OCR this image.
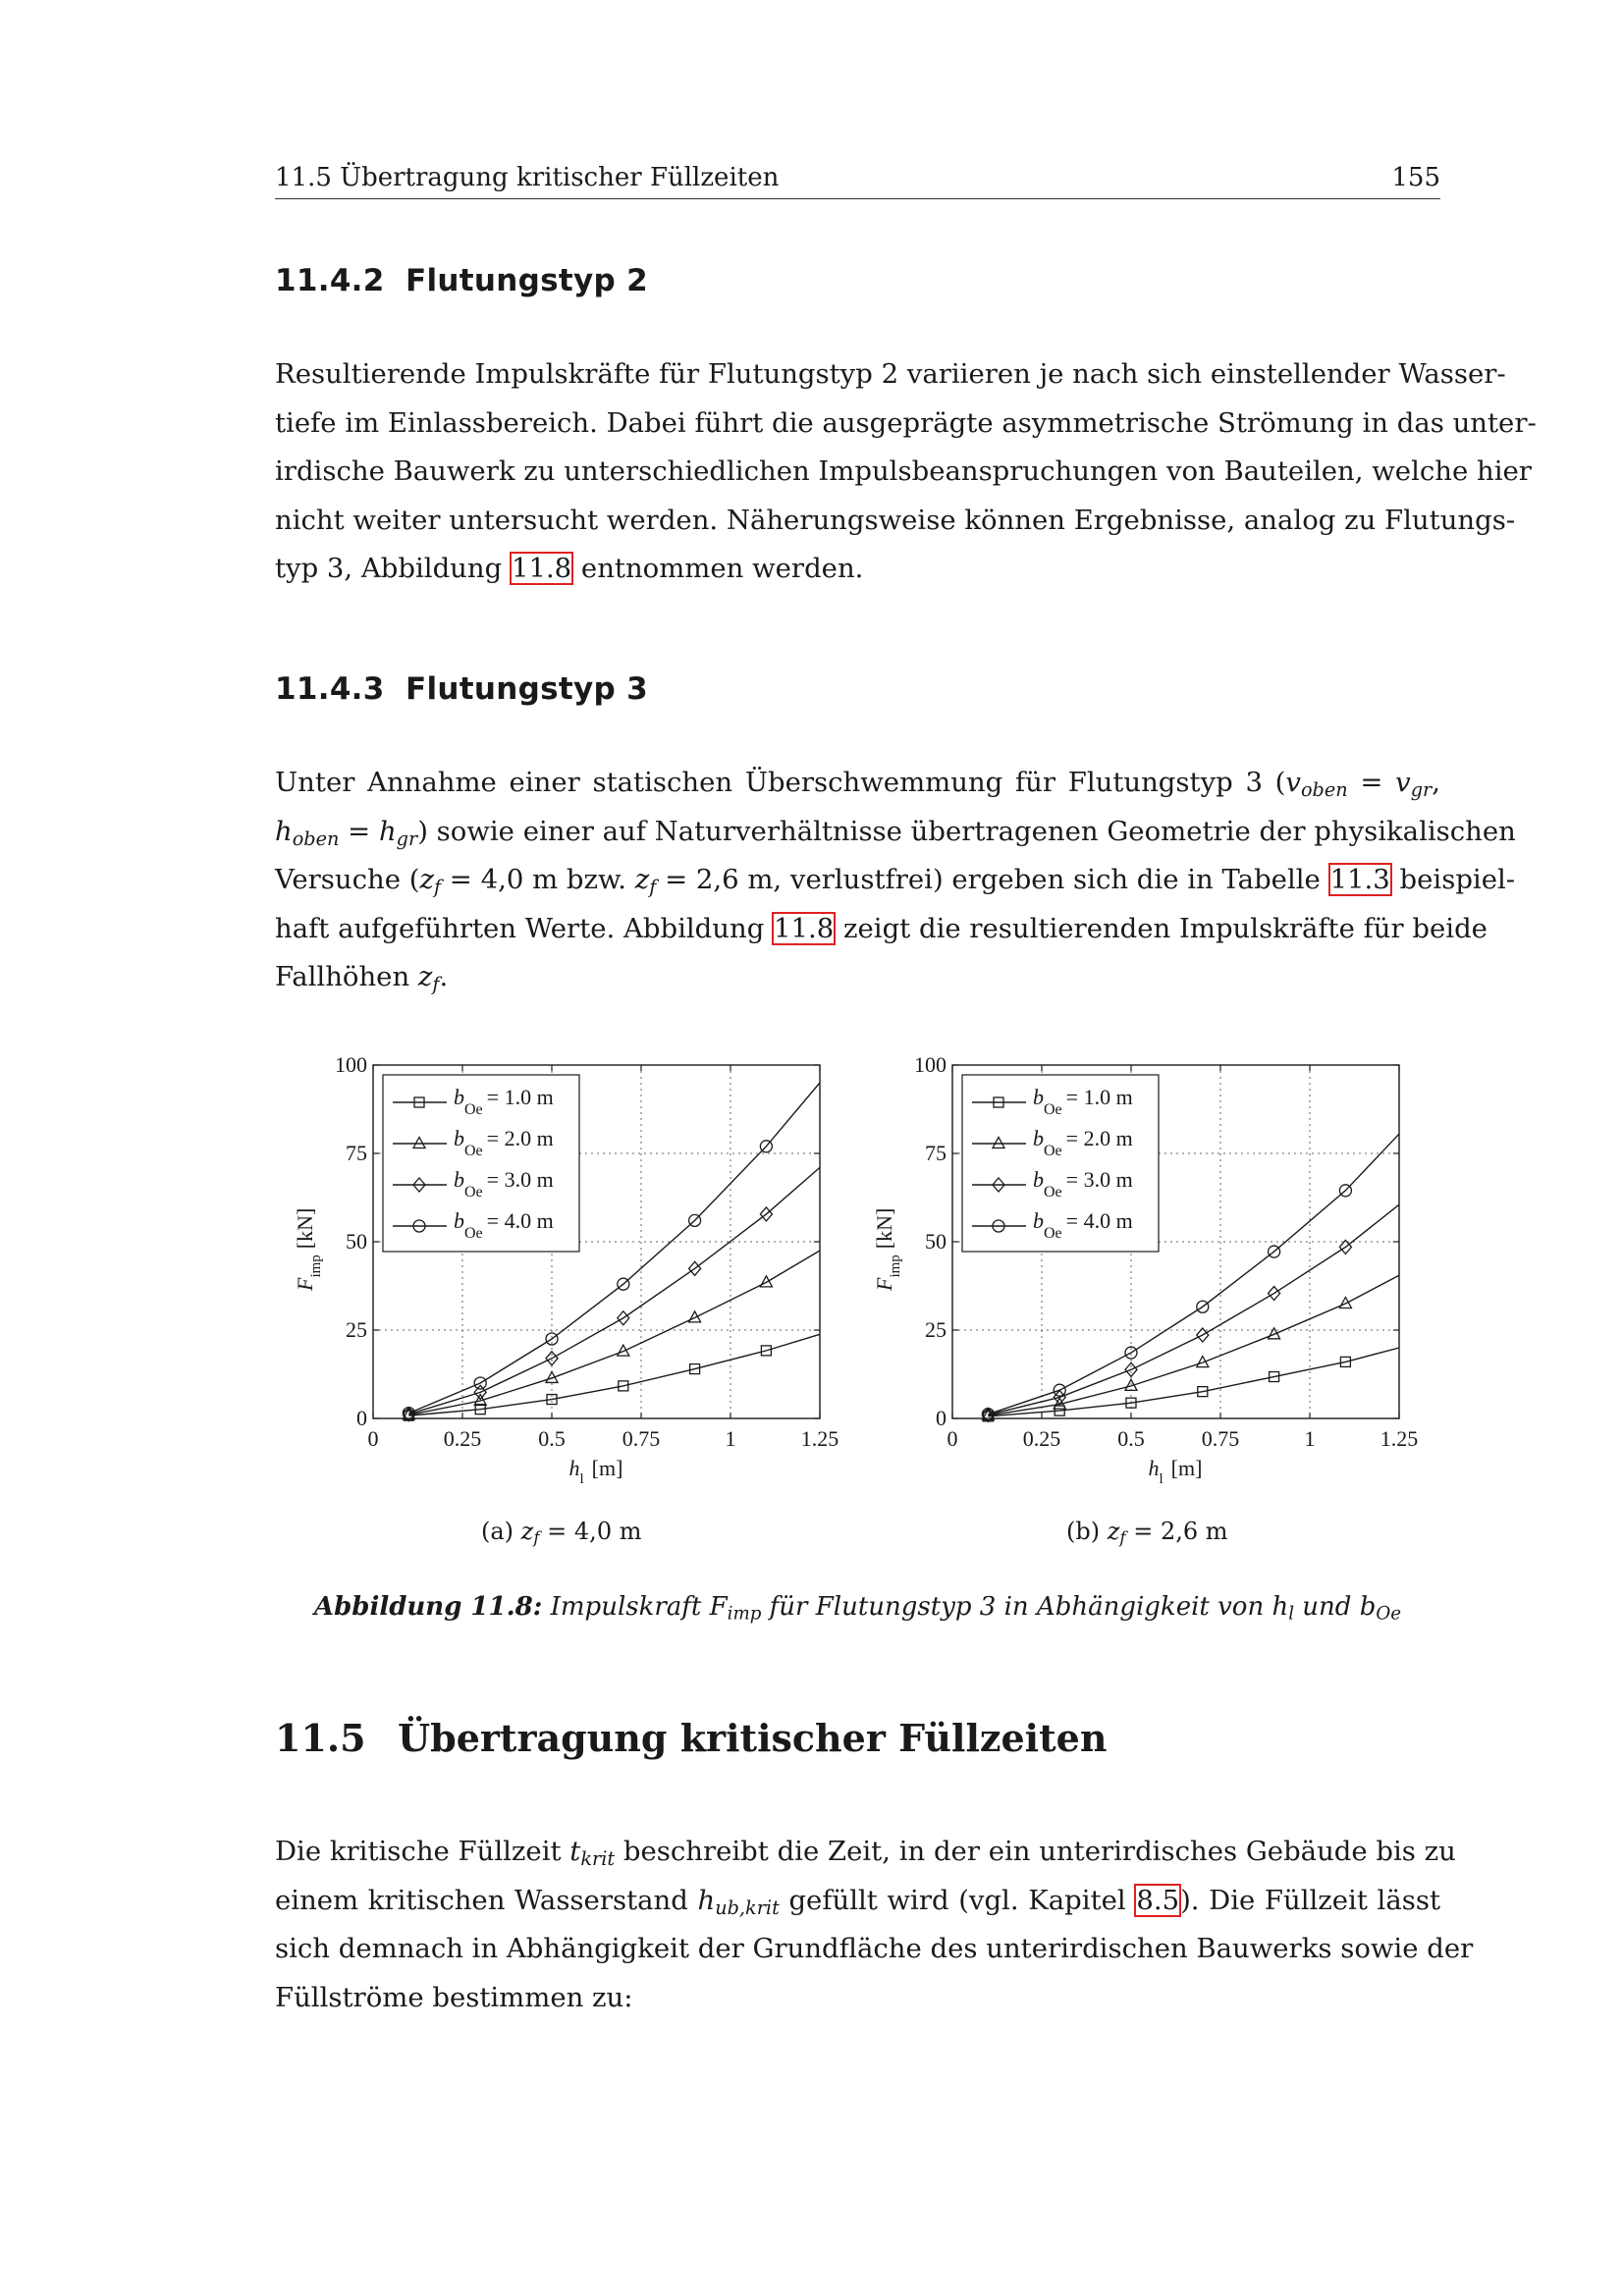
11.5 Übertragung kritischer Füllzeiten	155
11.4.2 Flutungstyp 2
Resultierende Impulskräfte für Flutungstyp 2 variieren je nach sich einstellender Wasser-
tiefe im Einlassbereich. Dabei führt die ausgeprägte asymmetrische Strömung in das unter-
irdische Bauwerk zu unterschiedlichen Impulsbeanspruchungen von Bauteilen, welche hier
nicht weiter untersucht werden. Näherungsweise können Ergebnisse, analog zu Flutungs-
typ 3, Abbildung 11.8 entnommen werden.
11.4.3 Flutungstyp 3
Unter Annahme einer statischen Überschwemmung für Flutungstyp 3 ($v_{oben} = v_{gr}$,
$h_{oben} = h_{gr}$) sowie einer auf Naturverhältnisse übertragenen Geometrie der physikalischen
Versuche ($z_f = 4,0$ m bzw. $z_f = 2,6$ m, verlustfrei) ergeben sich die in Tabelle 11.3 beispiel-
haft aufgeführten Werte. Abbildung 11.8 zeigt die resultierenden Impulskräfte für beide
Fallhöhen $z_f$.
0	0.25	0.5	0.75	1	1.25
0
25
50
75
100
$h_l$ [m]
$F_{imp}[kN]$
$b_{Oe}= 1.0$ m
$b_{Oe}= 2.0$ m
$b_{Oe}= 3.0$ m
$b_{Oe}= 4.0$ m
0	0.25	0.5	0.75	1	1.25
0
25
50
75
100
$h_l$ [m]
$F_{imp}[kN]$
$b_{Oe}= 1.0$ m
$b_{Oe}= 2.0$ m
$b_{Oe}= 3.0$ m
$b_{Oe}= 4.0$ m
(a) $z_f = 4,0$ m	(b) $z_f = 2,6$ m
Abbildung 11.8: Impulskraft $F_{imp}$ für Flutungstyp 3 in Abhängigkeit von $h_l$ und $b_{Oe}$
11.5 Übertragung kritischer Füllzeiten
Die kritische Füllzeit $t_{krit}$ beschreibt die Zeit, in der ein unterirdisches Gebäude bis zu
einem kritischen Wasserstand $h_{ub,krit}$ gefüllt wird (vgl. Kapitel 8.5). Die Füllzeit lässt
sich demnach in Abhängigkeit der Grundfläche des unterirdischen Bauwerks sowie der
Füllströme bestimmen zu:
